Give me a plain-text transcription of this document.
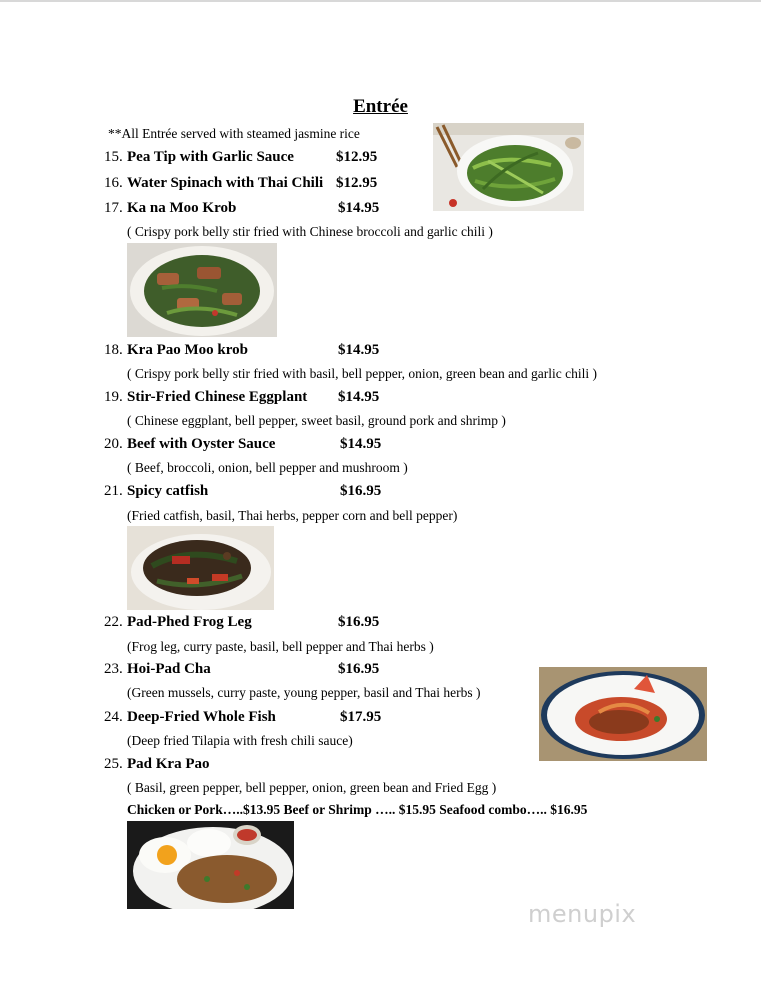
Entrée
**All Entrée served with steamed jasmine rice
15. Pea Tip with Garlic Sauce	$12.95
16. Water Spinach with Thai Chili $12.95
17. Ka na Moo Krob	$14.95
( Crispy pork belly stir fried with Chinese broccoli and garlic chili )
18. Kra Pao Moo krob	$14.95
( Crispy pork belly stir fried with basil, bell pepper, onion, green bean and garlic chili )
19. Stir-Fried Chinese Eggplant $14.95
( Chinese eggplant, bell pepper, sweet basil, ground pork and shrimp )
20. Beef with Oyster Sauce	$14.95
( Beef, broccoli, onion, bell pepper and mushroom )
21. Spicy catfish	$16.95
(Fried catfish, basil, Thai herbs, pepper corn and bell pepper)
22. Pad-Phed Frog Leg	$16.95
(Frog leg, curry paste, basil, bell pepper and Thai herbs )
23. Hoi-Pad Cha	$16.95
(Green mussels, curry paste, young pepper, basil and Thai herbs )
24. Deep-Fried Whole Fish	$17.95
(Deep fried Tilapia with fresh chili sauce)
25. Pad Kra Pao
( Basil, green pepper, bell pepper, onion, green bean and Fried Egg )
Chicken or Pork…..$13.95 Beef or Shrimp ….. $15.95 Seafood combo….. $16.95
menupix
